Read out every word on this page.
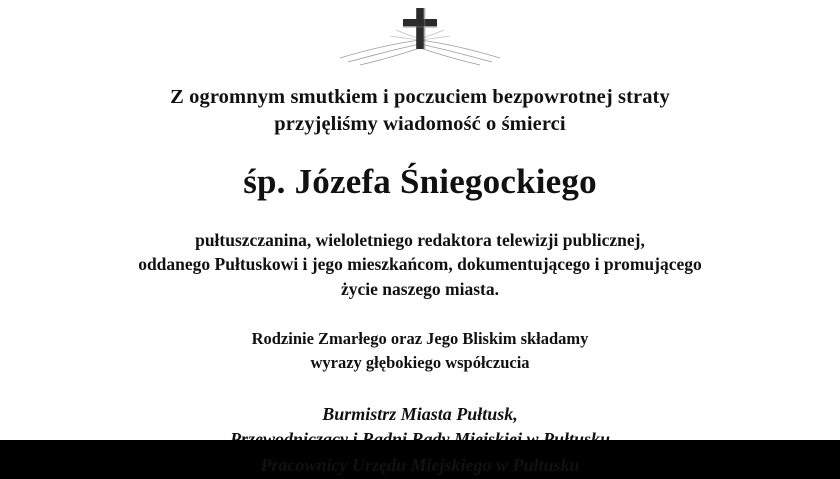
Z ogromnym smutkiem i poczuciem bezpowrotnej straty
przyjęliśmy wiadomość o śmierci
śp. Józefa Śniegockiego
pułtuszczanina, wieloletniego redaktora telewizji publicznej,
oddanego Pułtuskowi i jego mieszkańcom, dokumentującego i promującego
życie naszego miasta.
Rodzinie Zmarłego oraz Jego Bliskim składamy
wyrazy głębokiego współczucia
Burmistrz Miasta Pułtusk,
Pracownicy Urzędu Miejskiego w Pułtusku
